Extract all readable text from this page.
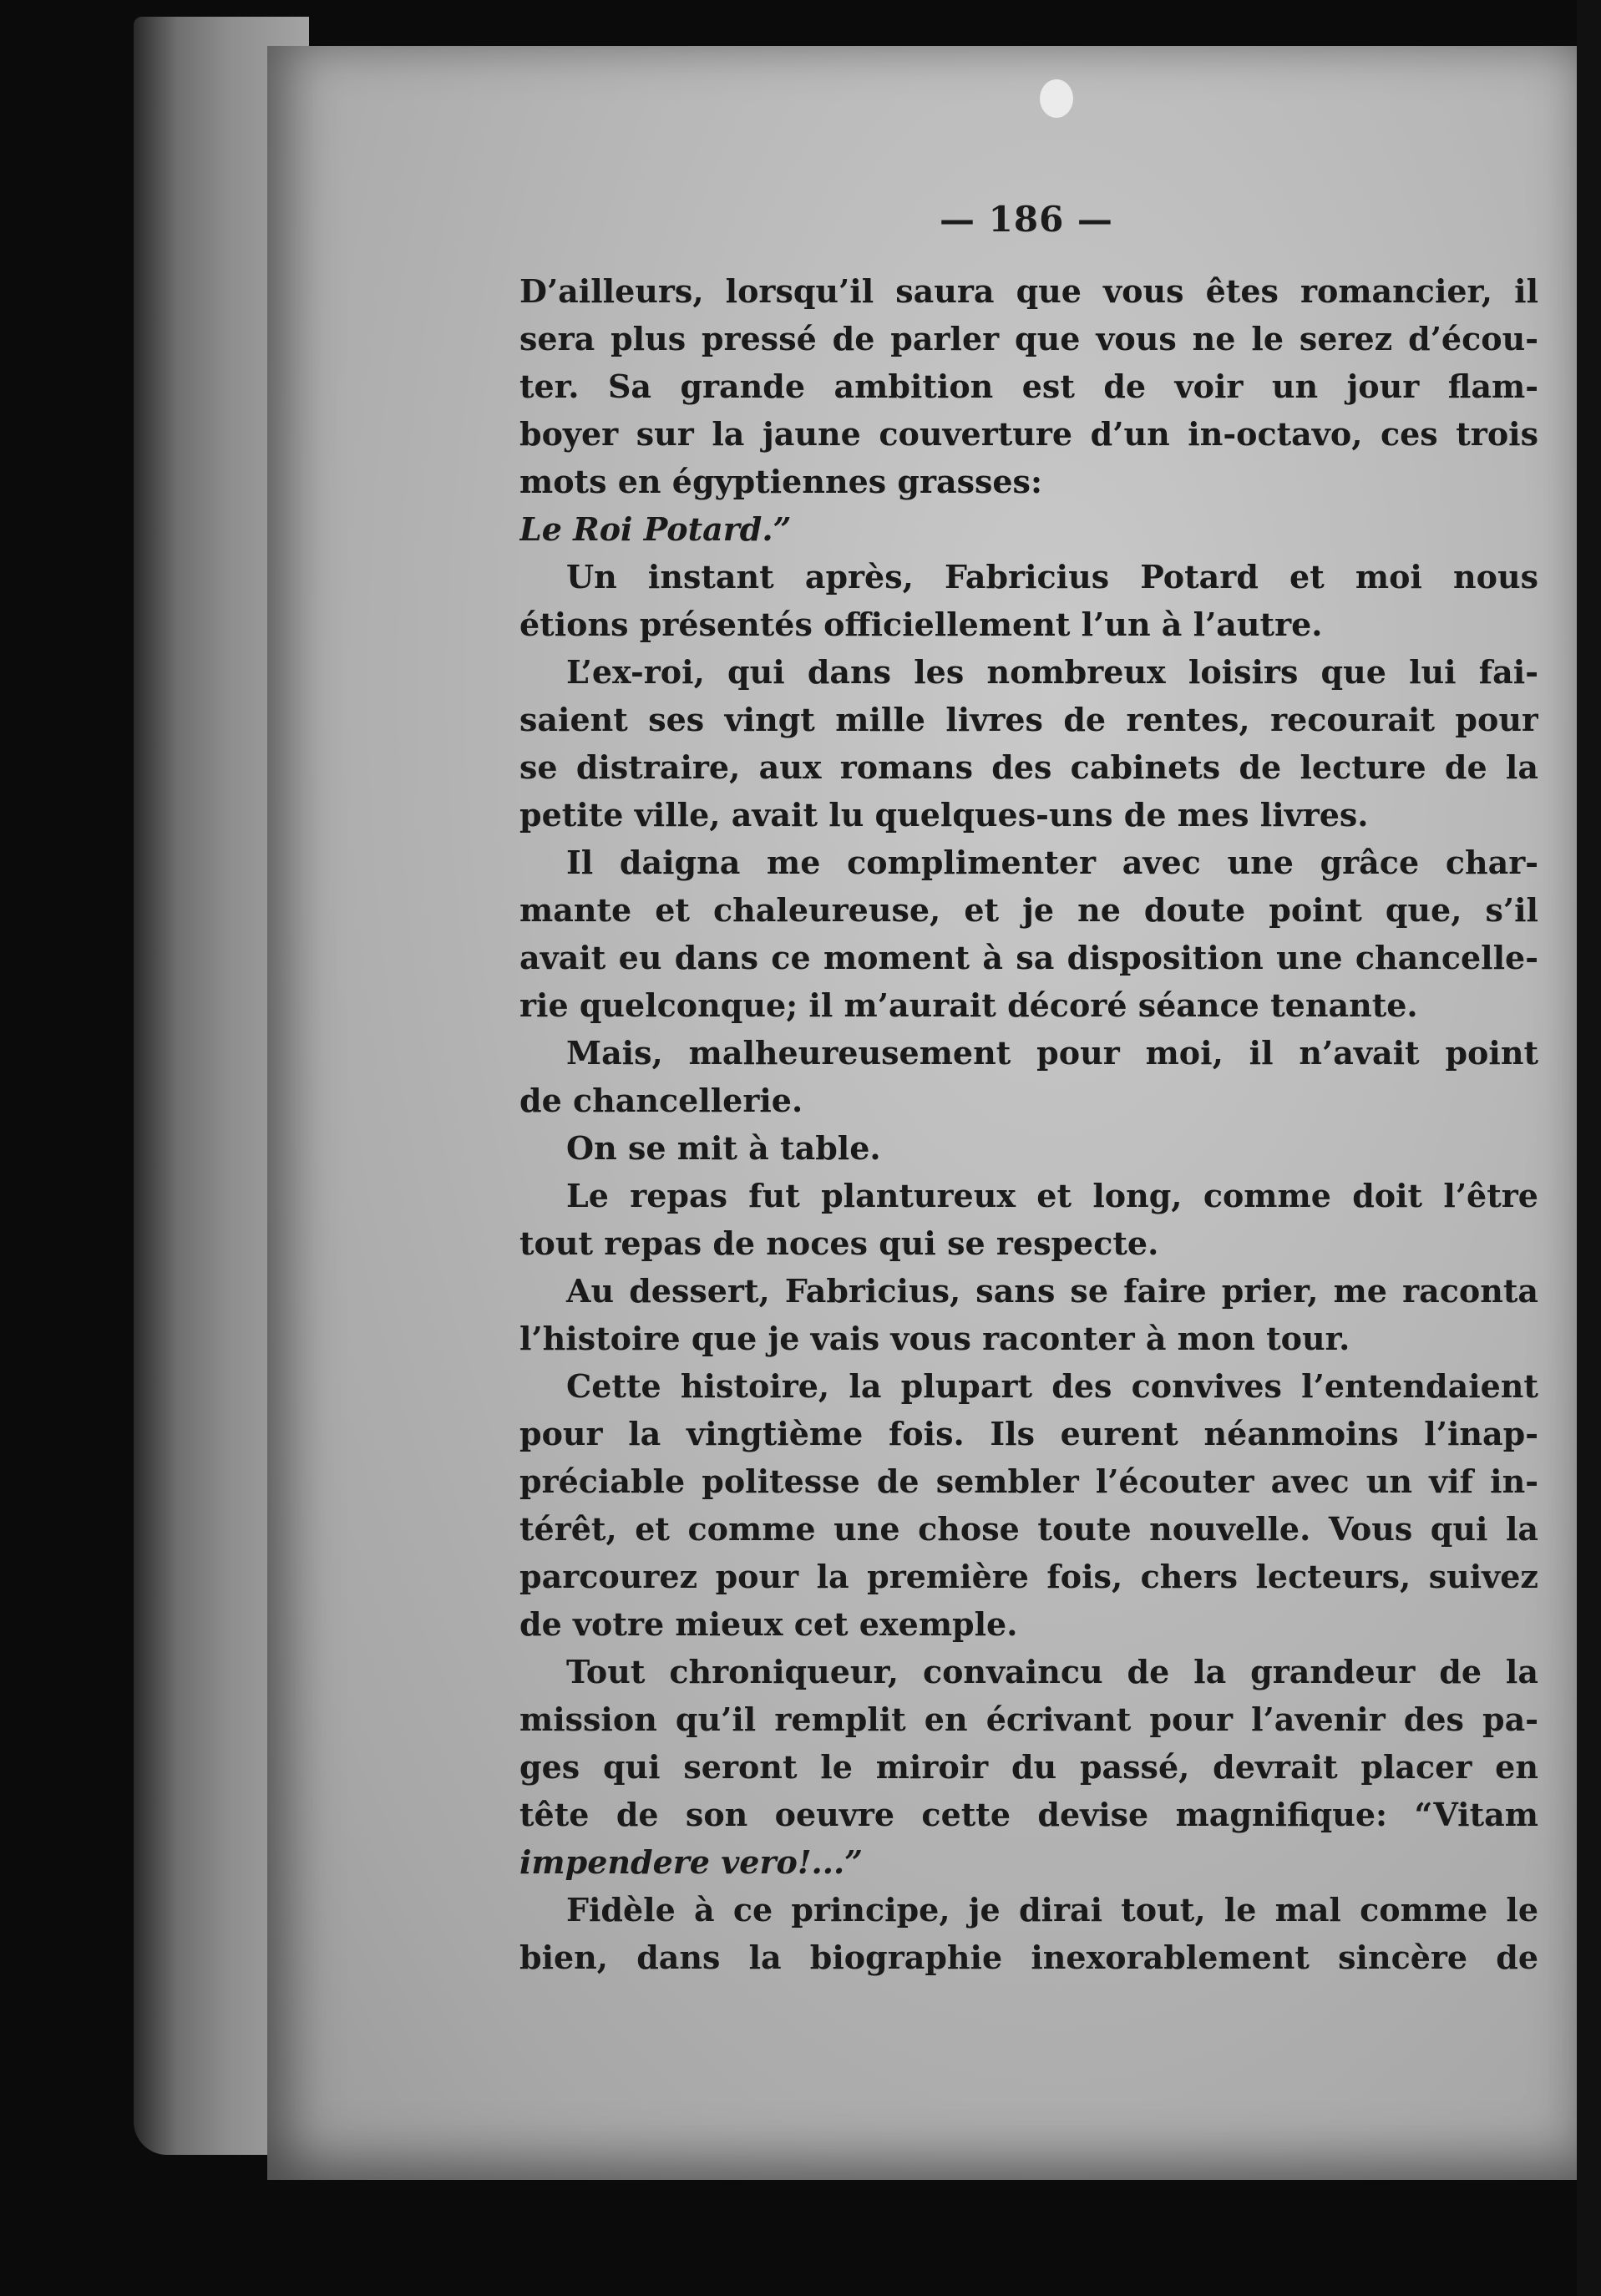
— 186 —
D’ailleurs, lorsqu’il saura que vous êtes romancier, il
sera plus pressé de parler que vous ne le serez d’écou-
ter. Sa grande ambition est de voir un jour flam-
boyer sur la jaune couverture d’un in-octavo, ces trois
mots en égyptiennes grasses:
Le Roi Potard.”
Un instant après, Fabricius Potard et moi nous
étions présentés officiellement l’un à l’autre.
L’ex-roi, qui dans les nombreux loisirs que lui fai-
saient ses vingt mille livres de rentes, recourait pour
se distraire, aux romans des cabinets de lecture de la
petite ville, avait lu quelques-uns de mes livres.
Il daigna me complimenter avec une grâce char-
mante et chaleureuse, et je ne doute point que, s’il
avait eu dans ce moment à sa disposition une chancelle-
rie quelconque; il m’aurait décoré séance tenante.
Mais, malheureusement pour moi, il n’avait point
de chancellerie.
On se mit à table.
Le repas fut plantureux et long, comme doit l’être
tout repas de noces qui se respecte.
Au dessert, Fabricius, sans se faire prier, me raconta
l’histoire que je vais vous raconter à mon tour.
Cette histoire, la plupart des convives l’entendaient
pour la vingtième fois. Ils eurent néanmoins l’inap-
préciable politesse de sembler l’écouter avec un vif in-
térêt, et comme une chose toute nouvelle. Vous qui la
parcourez pour la première fois, chers lecteurs, suivez
de votre mieux cet exemple.
Tout chroniqueur, convaincu de la grandeur de la
mission qu’il remplit en écrivant pour l’avenir des pa-
ges qui seront le miroir du passé, devrait placer en
tête de son oeuvre cette devise magnifique: “Vitam
impendere vero!...”
Fidèle à ce principe, je dirai tout, le mal comme le
bien, dans la biographie inexorablement sincère de
